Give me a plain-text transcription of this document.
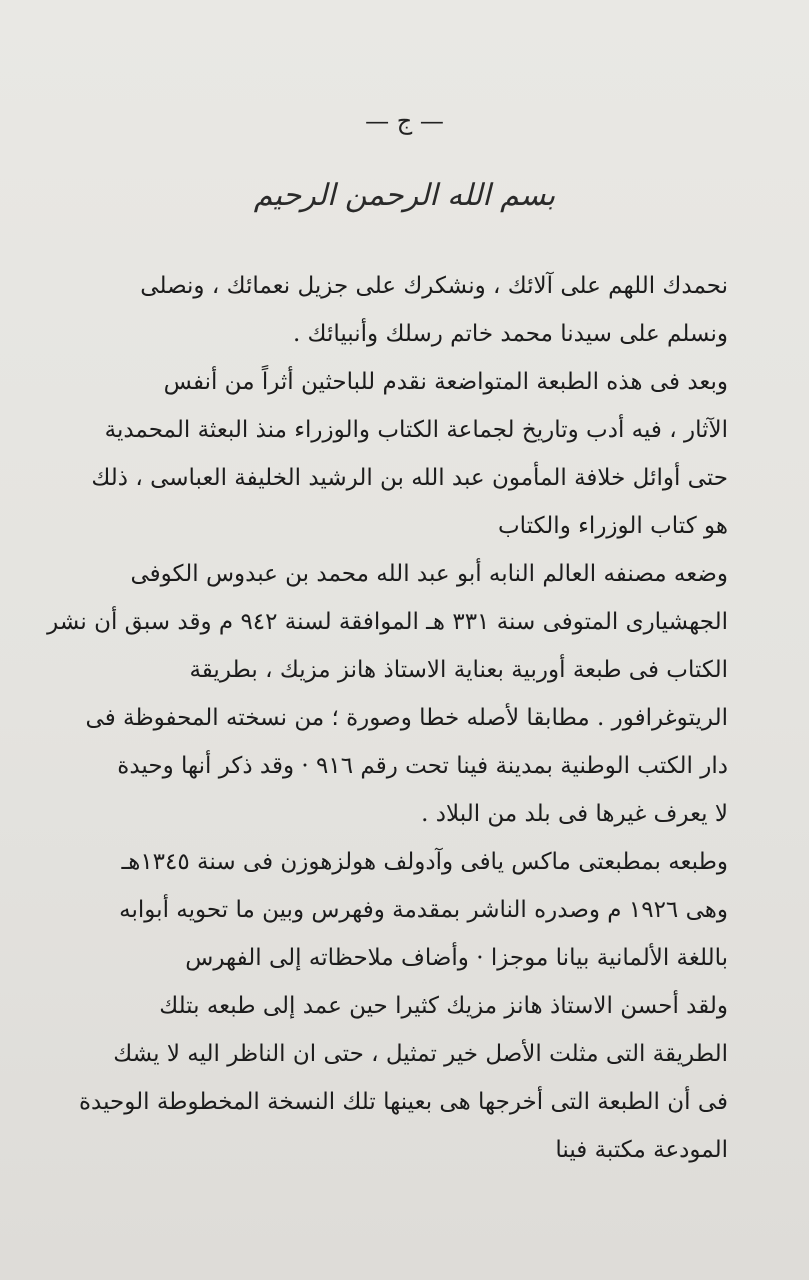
— ج —
بسم الله الرحمن الرحيم
نحمدك اللهم على آلائك ، ونشكرك على جزيل نعمائك ، ونصلى
ونسلم على سيدنا محمد خاتم رسلك وأنبيائك .
وبعد فى هذه الطبعة المتواضعة نقدم للباحثين أثراً من أنفس
الآثار ، فيه أدب وتاريخ لجماعة الكتاب والوزراء منذ البعثة المحمدية
حتى أوائل خلافة المأمون عبد الله بن الرشيد الخليفة العباسى ، ذلك
هو كتاب الوزراء والكتاب
وضعه مصنفه العالم النابه أبو عبد الله محمد بن عبدوس الكوفى
الجهشيارى المتوفى سنة ٣٣١ هـ الموافقة لسنة ٩٤٢ م وقد سبق أن نشر
الكتاب فى طبعة أوربية بعناية الاستاذ هانز مزيك ، بطريقة
الريتوغرافور . مطابقا لأصله خطا وصورة ؛ من نسخته المحفوظة فى
دار الكتب الوطنية بمدينة فينا تحت رقم ٩١٦ · وقد ذكر أنها وحيدة
لا يعرف غيرها فى بلد من البلاد .
وطبعه بمطبعتى ماكس يافى وآدولف هولزهوزن فى سنة ١٣٤٥هـ
وهى ١٩٢٦ م وصدره الناشر بمقدمة وفهرس وبين ما تحويه أبوابه
باللغة الألمانية بيانا موجزا · وأضاف ملاحظاته إلى الفهرس
ولقد أحسن الاستاذ هانز مزيك كثيرا حين عمد إلى طبعه بتلك
الطريقة التى مثلت الأصل خير تمثيل ، حتى ان الناظر اليه لا يشك
فى أن الطبعة التى أخرجها هى بعينها تلك النسخة المخطوطة الوحيدة
المودعة مكتبة فينا
